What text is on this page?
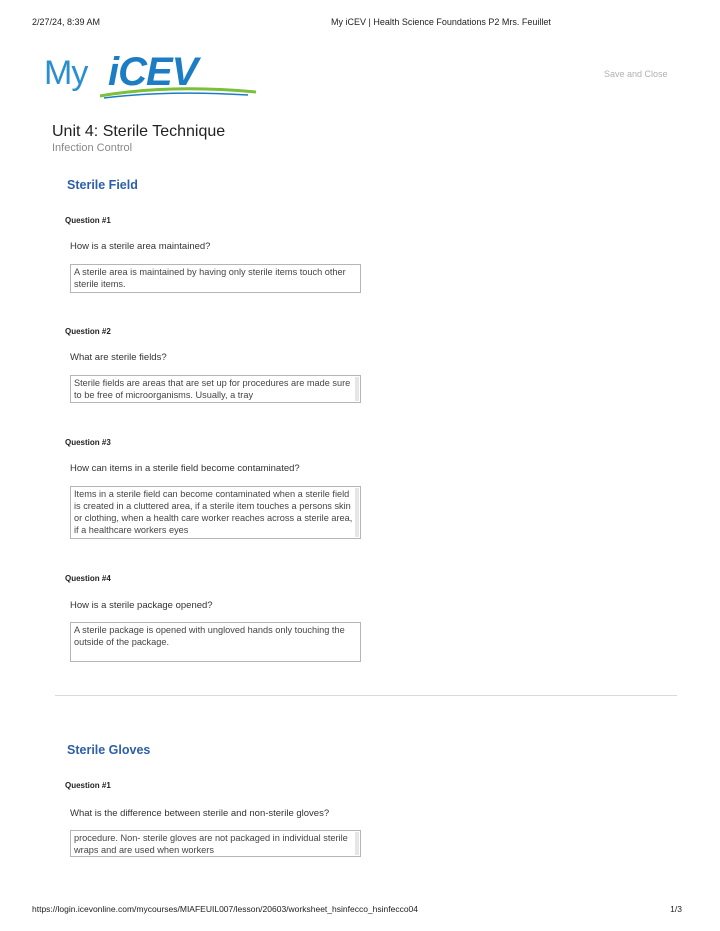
2/27/24, 8:39 AM	My iCEV | Health Science Foundations P2 Mrs. Feuillet
My iCEV	Save and Close
Unit 4: Sterile Technique
Infection Control
Sterile Field
Question #1
How is a sterile area maintained?
A sterile area is maintained by having only sterile items touch other sterile items.
Question #2
What are sterile fields?
Sterile fields are areas that are set up for procedures are made sure to be free of microorganisms. Usually, a tray
Question #3
How can items in a sterile field become contaminated?
Items in a sterile field can become contaminated when a sterile field is created in a cluttered area, if a sterile item touches a persons skin or clothing, when a health care worker reaches across a sterile area, if a healthcare workers eyes
Question #4
How is a sterile package opened?
A sterile package is opened with ungloved hands only touching the outside of the package.
Sterile Gloves
Question #1
What is the difference between sterile and non-sterile gloves?
procedure. Non- sterile gloves are not packaged in individual sterile wraps and are used when workers
https://login.icevonline.com/mycourses/MIAFEUIL007/lesson/20603/worksheet_hsinfecco_hsinfecco04	1/3
